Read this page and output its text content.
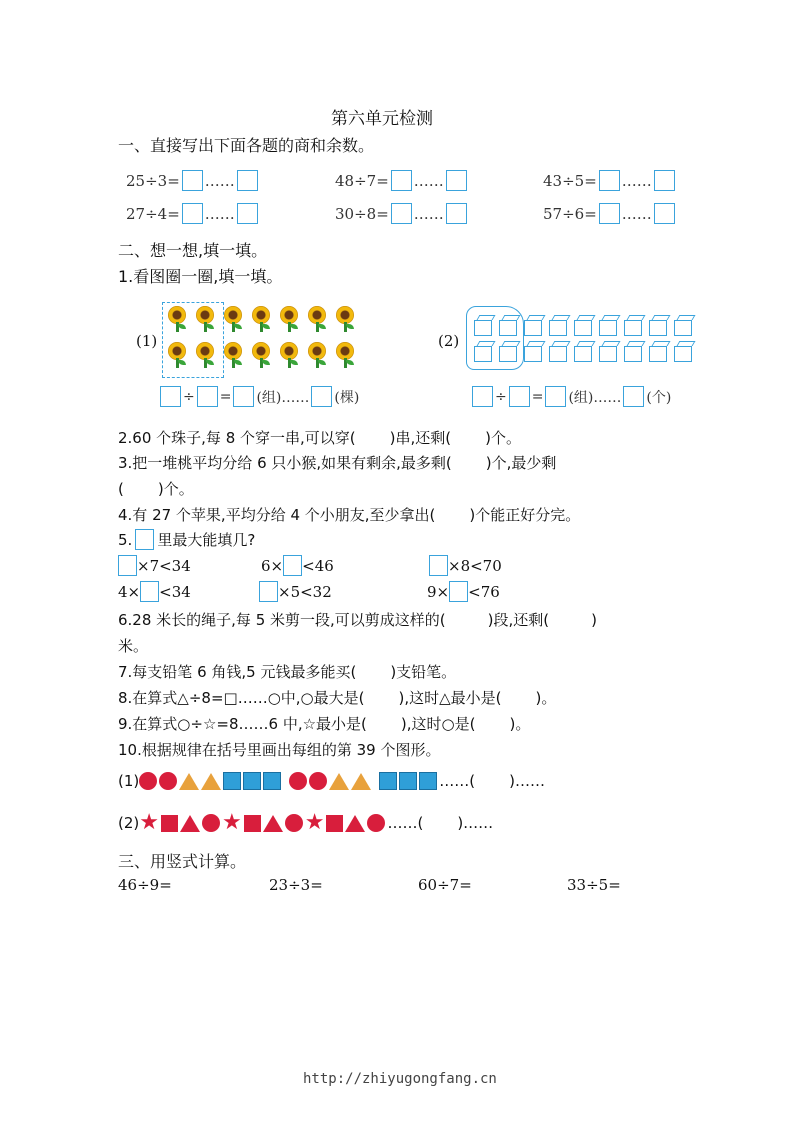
第六单元检测
一、直接写出下面各题的商和余数。
25÷3= ……	48÷7= ……	43÷5= ……
27÷4= ……	30÷8= ……	57÷6= ……
二、想一想,填一填。
1.看图圈一圈,填一填。
(1)	(2)
÷ = (组)…… (棵)	÷ = (组)…… (个)
2.60 个珠子,每 8 个穿一串,可以穿( )串,还剩( )个。
3.把一堆桃平均分给 6 只小猴,如果有剩余,最多剩( )个,最少剩
( )个。
4.有 27 个苹果,平均分给 4 个小朋友,至少拿出( )个能正好分完。
5. 里最大能填几?
×7<34	6× <46	×8<70
4× <34	×5<32	9× <76
6.28 米长的绳子,每 5 米剪一段,可以剪成这样的(	)段,还剩(	)
米。
7.每支铅笔 6 角钱,5 元钱最多能买( )支铅笔。
8.在算式△÷8=□……○中,○最大是( ),这时△最小是( )。
9.在算式○÷☆=8……6 中,☆最小是( ),这时○是( )。
10.根据规律在括号里画出每组的第 39 个图形。
(1)	……( )……
(2) ★	★	★	……( )……
三、用竖式计算。
46÷9=	23÷3=	60÷7=	33÷5=
http://zhiyugongfang.cn
